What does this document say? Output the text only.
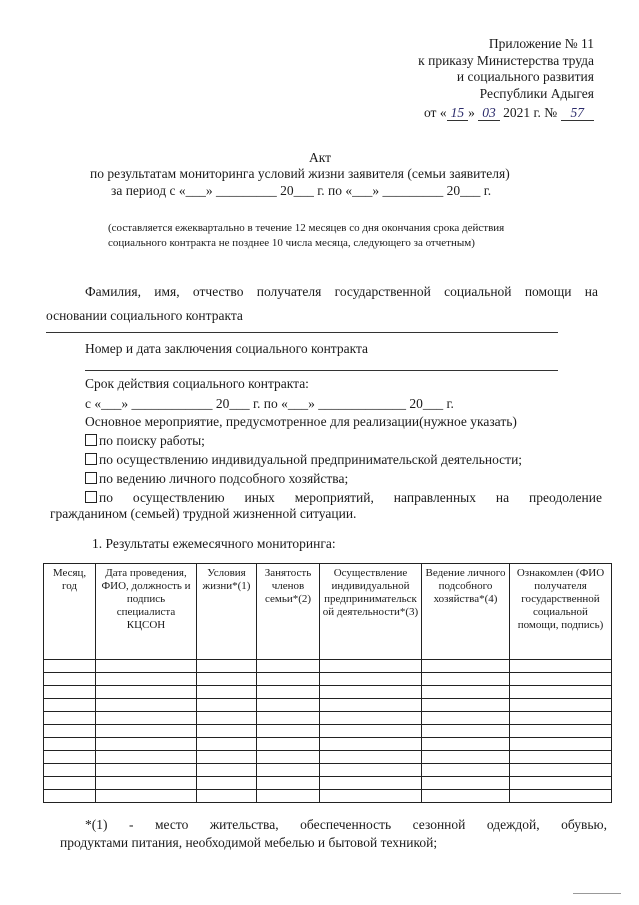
Приложение № 11
к приказу Министерства труда
и социального развития
Республики Адыгея
от « 15 » 03 2021 г. № 57
Акт
по результатам мониторинга условий жизни заявителя (семьи заявителя)
за период с «___» _________ 20___ г. по «___» _________ 20___ г.
(составляется ежеквартально в течение 12 месяцев со дня окончания срока действия
социального контракта не позднее 10 числа месяца, следующего за отчетным)
Фамилия, имя, отчество получателя государственной социальной помощи на
основании социального контракта
Номер и дата заключения социального контракта
Срок действия социального контракта:
с «___» ____________ 20___ г. по «___» _____________ 20___ г.
Основное мероприятие, предусмотренное для реализации(нужное указать)
по поиску работы;
по осуществлению индивидуальной предпринимательской деятельности;
по ведению личного подсобного хозяйства;
по осуществлению иных мероприятий, направленных на преодоление
гражданином (семьей) трудной жизненной ситуации.
1. Результаты ежемесячного мониторинга:
Месяц, год	Дата проведения, ФИО, должность и подпись специалиста КЦСОН	Условия жизни*(1)	Занятость членов семьи*(2)	Осуществление индивидуальной предпринимательской деятельности*(3)	Ведение личного подсобного хозяйства*(4)	Ознакомлен (ФИО получателя государственной социальной помощи, подпись)

*(1) - место жительства, обеспеченность сезонной одеждой, обувью,
продуктами питания, необходимой мебелью и бытовой техникой;
